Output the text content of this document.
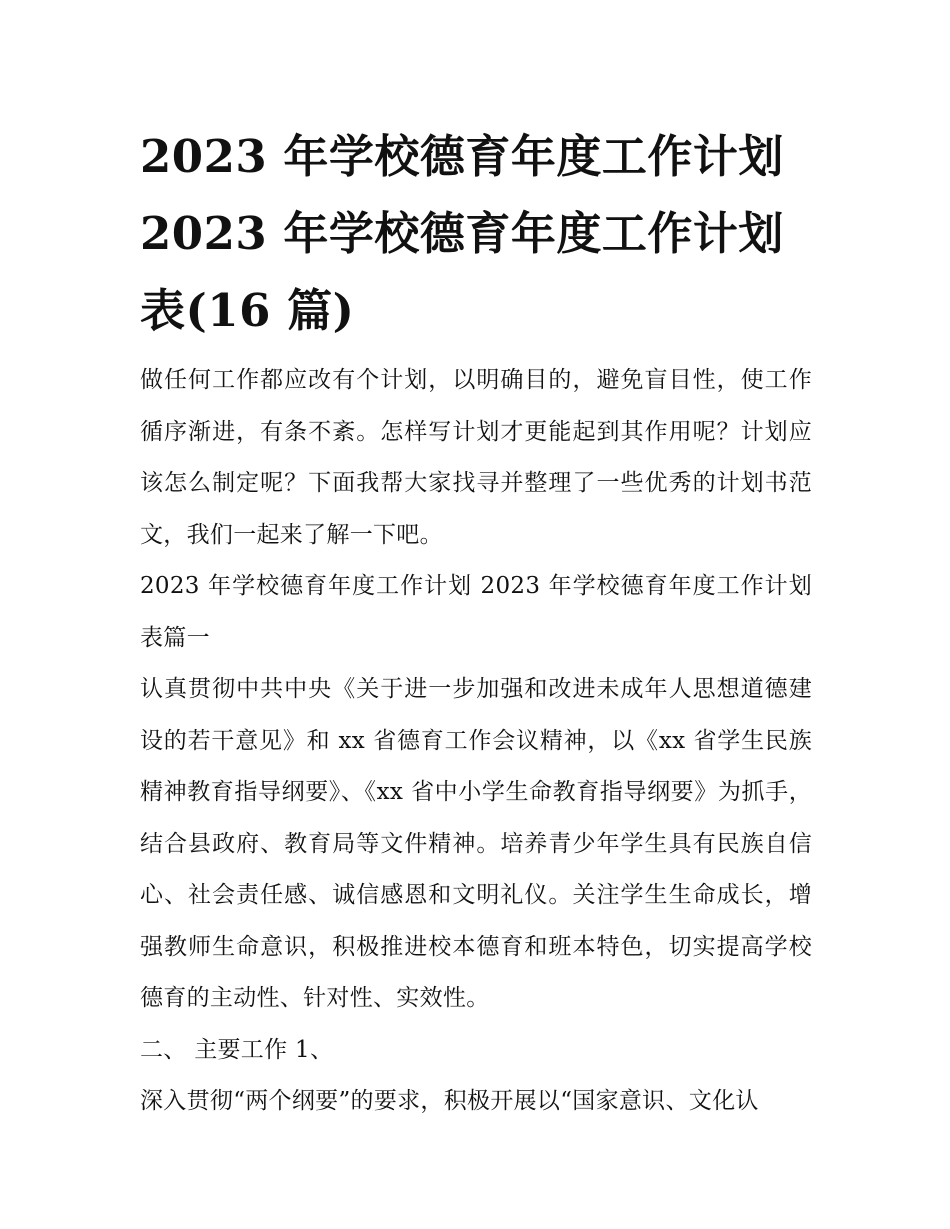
2023 年学校德育年度工作计划
2023 年学校德育年度工作计划
表(16 篇)

做任何工作都应改有个计划，以明确目的，避免盲目性，使工作循序渐进，有条不紊。怎样写计划才更能起到其作用呢？计划应该怎么制定呢？下面我帮大家找寻并整理了一些优秀的计划书范文，我们一起来了解一下吧。

2023 年学校德育年度工作计划 2023 年学校德育年度工作计划表篇一

认真贯彻中共中央《关于进一步加强和改进未成年人思想道德建设的若干意见》和 xx 省德育工作会议精神，以《xx 省学生民族精神教育指导纲要》、《xx 省中小学生命教育指导纲要》为抓手，结合县政府、教育局等文件精神。培养青少年学生具有民族自信心、社会责任感、诚信感恩和文明礼仪。关注学生生命成长，增强教师生命意识，积极推进校本德育和班本特色，切实提高学校德育的主动性、针对性、实效性。

二、 主要工作 1、

深入贯彻“两个纲要”的要求，积极开展以“国家意识、文化认
